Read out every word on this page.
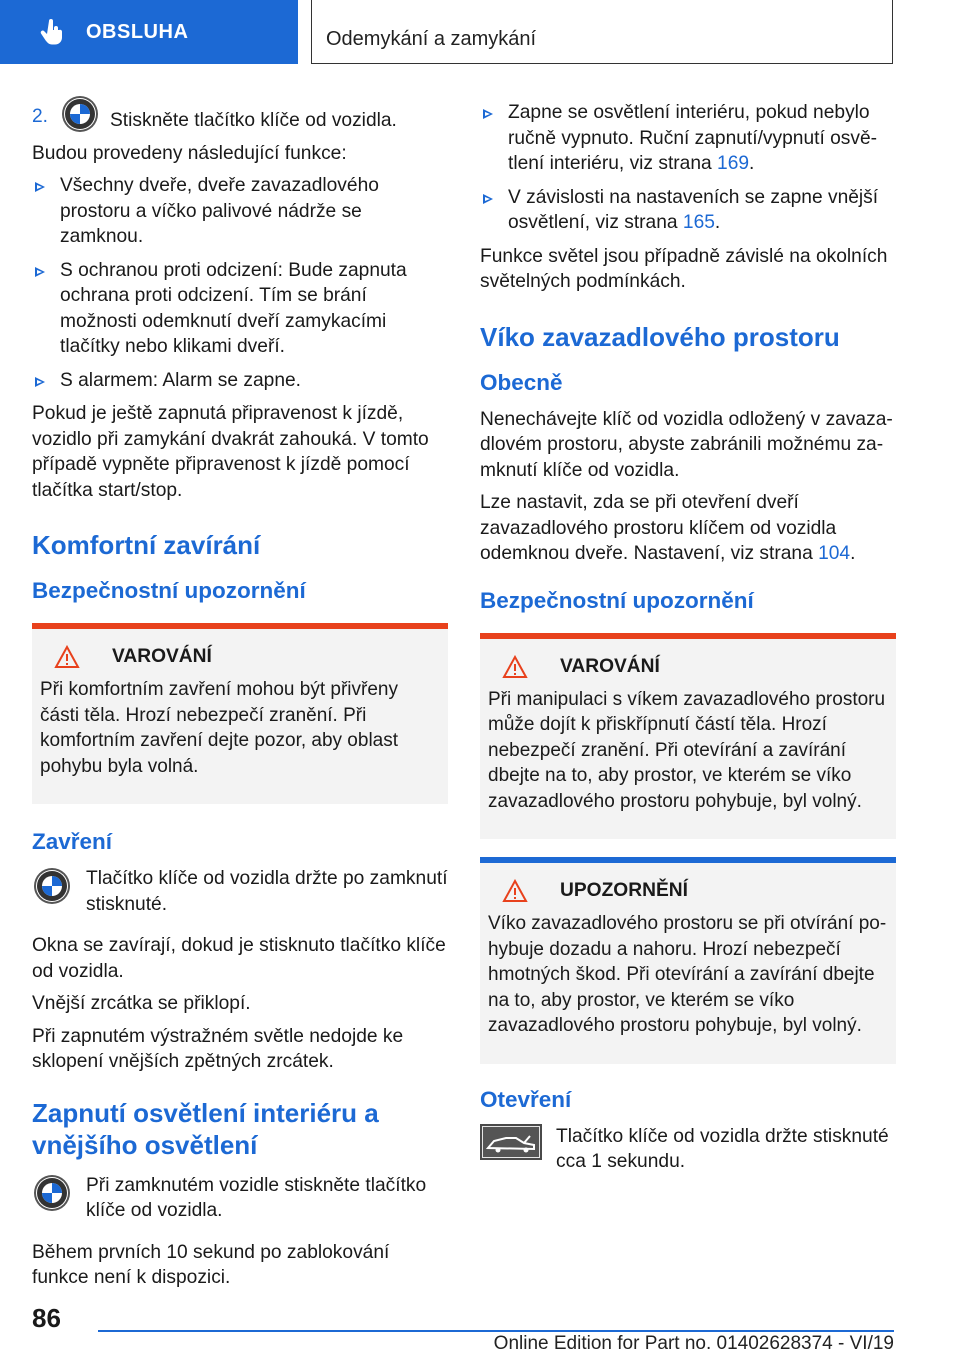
OBSLUHA	Odemykání a zamykání
2.	Stiskněte tlačítko klíče od vozidla.

Budou provedeny následující funkce:

Všechny dveře, dveře zavazadlového prostoru a víčko palivové nádrže se zamknou.

S ochranou proti odcizení: Bude zapnuta ochrana proti odcizení. Tím se brání možnosti odemknutí dveří zamykacími tlačítky nebo klikami dveří.

S alarmem: Alarm se zapne.

Pokud je ještě zapnutá připravenost k jízdě, vozidlo při zamykání dvakrát zahouká. V tomto případě vypněte připravenost k jízdě pomocí tlačítka start/stop.

Komfortní zavírání
Bezpečnostní upozornění
VAROVÁNÍ

Při komfortním zavření mohou být přivřeny části těla. Hrozí nebezpečí zranění. Při komfortním zavření dejte pozor, aby oblast pohybu byla volná.

Zavření

Tlačítko klíče od vozidla držte po zamknutí stisknuté.

Okna se zavírají, dokud je stisknuto tlačítko klíče od vozidla.

Vnější zrcátka se přiklopí.

Při zapnutém výstražném světle nedojde ke sklopení vnějších zpětných zrcátek.

Zapnutí osvětlení interiéru a vnějšího osvětlení

Při zamknutém vozidle stiskněte tlačítko klíče od vozidla.

Během prvních 10 sekund po zablokování funkce není k dispozici.

Zapne se osvětlení interiéru, pokud nebylo ručně vypnuto. Ruční zapnutí/vypnutí osvětlení interiéru, viz strana 169.

V závislosti na nastaveních se zapne vnější osvětlení, viz strana 165.

Funkce světel jsou případně závislé na okolních světelných podmínkách.

Víko zavazadlového prostoru
Obecně

Nenechávejte klíč od vozidla odložený v zavazadlovém prostoru, abyste zabránili možnému zamknutí klíče od vozidla.

Lze nastavit, zda se při otevření dveří zavazadlového prostoru klíčem od vozidla odemknou dveře. Nastavení, viz strana 104.

Bezpečnostní upozornění
VAROVÁNÍ

Při manipulaci s víkem zavazadlového prostoru může dojít k přiskřípnutí částí těla. Hrozí nebezpečí zranění. Při otevírání a zavírání dbejte na to, aby prostor, ve kterém se víko zavazadlového prostoru pohybuje, byl volný.

UPOZORNĚNÍ

Víko zavazadlového prostoru se při otvírání pohybuje dozadu a nahoru. Hrozí nebezpečí hmotných škod. Při otevírání a zavírání dbejte na to, aby prostor, ve kterém se víko zavazadlového prostoru pohybuje, byl volný.

Otevření

Tlačítko klíče od vozidla držte stisknuté cca 1 sekundu.

86
Online Edition for Part no. 01402628374 - VI/19
